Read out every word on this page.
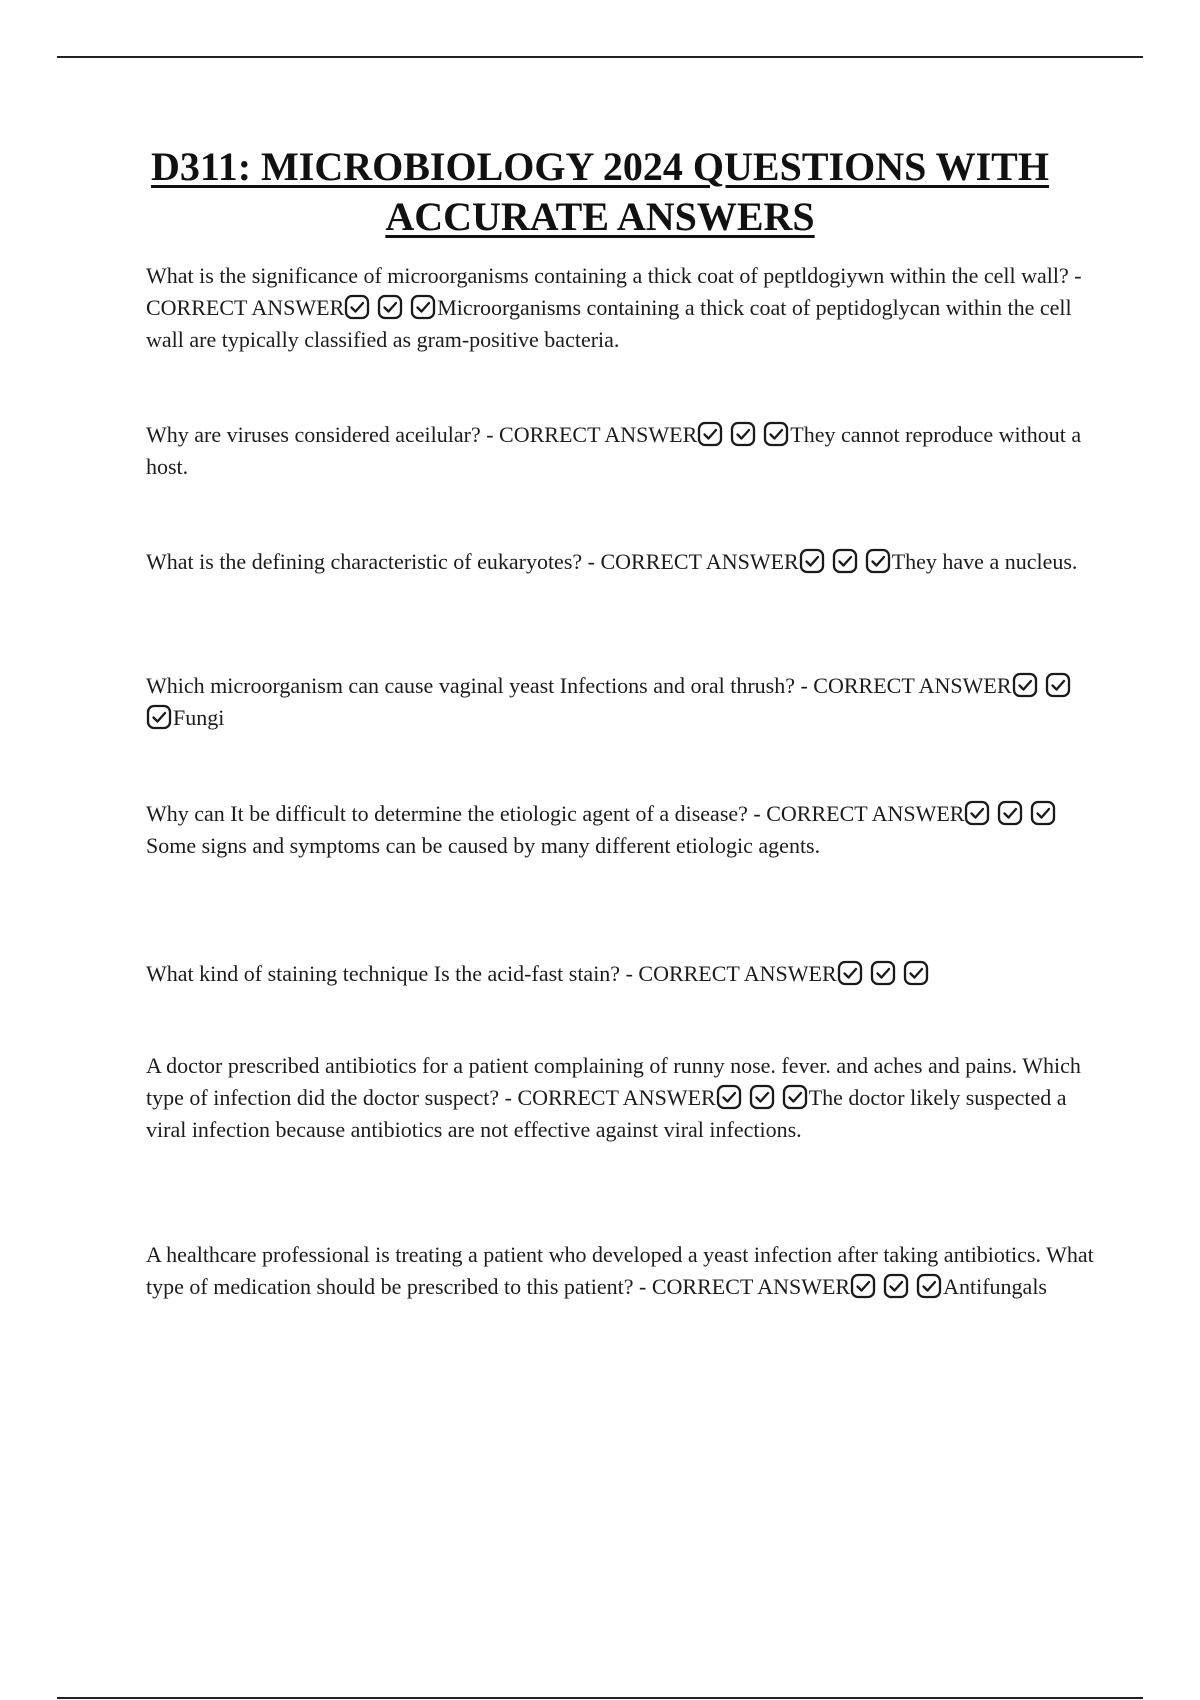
D311: MICROBIOLOGY 2024 QUESTIONS WITH ACCURATE ANSWERS

What is the significance of microorganisms containing a thick coat of peptldogiywn within the cell wall? - CORRECT ANSWER	Microorganisms containing a thick coat of peptidoglycan within the cell wall are typically classified as gram-positive bacteria.

Why are viruses considered aceilular? - CORRECT ANSWER	They cannot reproduce without a host.

What is the defining characteristic of eukaryotes? - CORRECT ANSWER	They have a nucleus.

Which microorganism can cause vaginal yeast Infections and oral thrush? - CORRECT ANSWER
Fungi

Why can It be difficult to determine the etiologic agent of a disease? - CORRECT ANSWER
Some signs and symptoms can be caused by many different etiologic agents.

What kind of staining technique Is the acid-fast stain? - CORRECT ANSWER

A doctor prescribed antibiotics for a patient complaining of runny nose. fever. and aches and pains. Which type of infection did the doctor suspect? - CORRECT ANSWER	The doctor likely suspected a viral infection because antibiotics are not effective against viral infections.

A healthcare professional is treating a patient who developed a yeast infection after taking antibiotics. What type of medication should be prescribed to this patient? - CORRECT ANSWER	Antifungals
